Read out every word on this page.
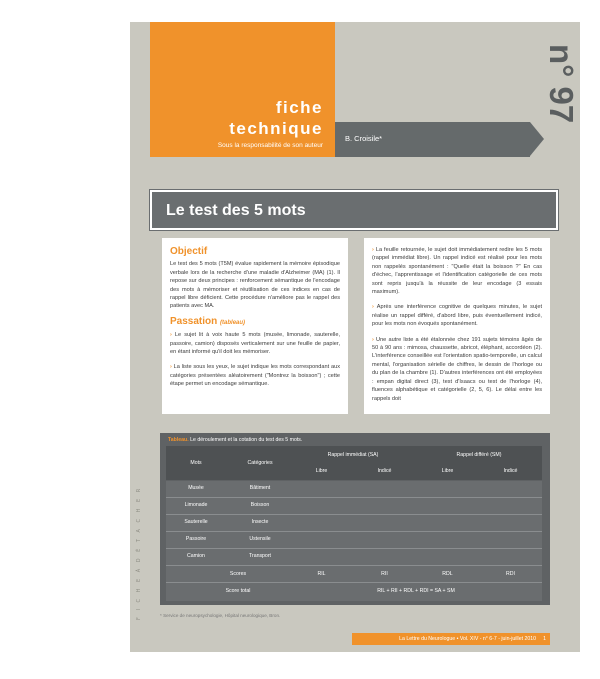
F I C H E À D É T A C H E R
fiche
technique
Sous la responsabilité de son auteur
B. Croisile*
n° 97
Le test des 5 mots
Objectif

Le test des 5 mots (T5M) évalue rapidement la mémoire épisodique verbale lors de la recherche d'une maladie d'Alzheimer (MA) (1). Il repose sur deux principes : renforcement sémantique de l'encodage des mots à mémoriser et réutilisation de ces indices en cas de rappel libre déficient. Cette procédure n'améliore pas le rappel des patients avec MA.

Passation (tableau)

› Le sujet lit à voix haute 5 mots (musée, limonade, sauterelle, passoire, camion) disposés verticalement sur une feuille de papier, en étant informé qu'il doit les mémoriser.

› La liste sous les yeux, le sujet indique les mots correspondant aux catégories présentées aléatoirement ("Montrez la boisson") ; cette étape permet un encodage sémantique.

› La feuille retournée, le sujet doit immédiatement redire les 5 mots (rappel immédiat libre). Un rappel indicé est réalisé pour les mots non rappelés spontanément : "Quelle était la boisson ?" En cas d'échec, l'apprentissage et l'identification catégorielle de ces mots sont repris jusqu'à la réussite de leur encodage (3 essais maximum).

› Après une interférence cognitive de quelques minutes, le sujet réalise un rappel différé, d'abord libre, puis éventuellement indicé, pour les mots non évoqués spontanément.

› Une autre liste a été étalonnée chez 191 sujets témoins âgés de 50 à 90 ans : mimosa, chaussette, abricot, éléphant, accordéon (2). L'interférence conseillée est l'orientation spatio-temporelle, un calcul mental, l'organisation sérielle de chiffres, le dessin de l'horloge ou du plan de la chambre (1). D'autres interférences ont été employées : empan digital direct (3), test d'Isaacs ou test de l'horloge (4), fluences alphabétique et catégorielle (2, 5, 6). Le délai entre les rappels doit

Tableau. Le déroulement et la cotation du test des 5 mots.
Mots	Catégories
Rappel immédiat (SA)	Rappel différé (SM)
Libre	Indicé	Libre	Indicé
Musée	Bâtiment
Limonade	Boisson
Sauterelle	Insecte
Passoire	Ustensile
Camion	Transport
Scores	RIL	RII	RDL	RDI
Score total	RIL + RII + RDL + RDI = SA + SM
* Service de neuropsychologie, Hôpital neurologique, Bron.
La Lettre du Neurologue • Vol. XIV - n° 6-7 - juin-juillet 2010 1
